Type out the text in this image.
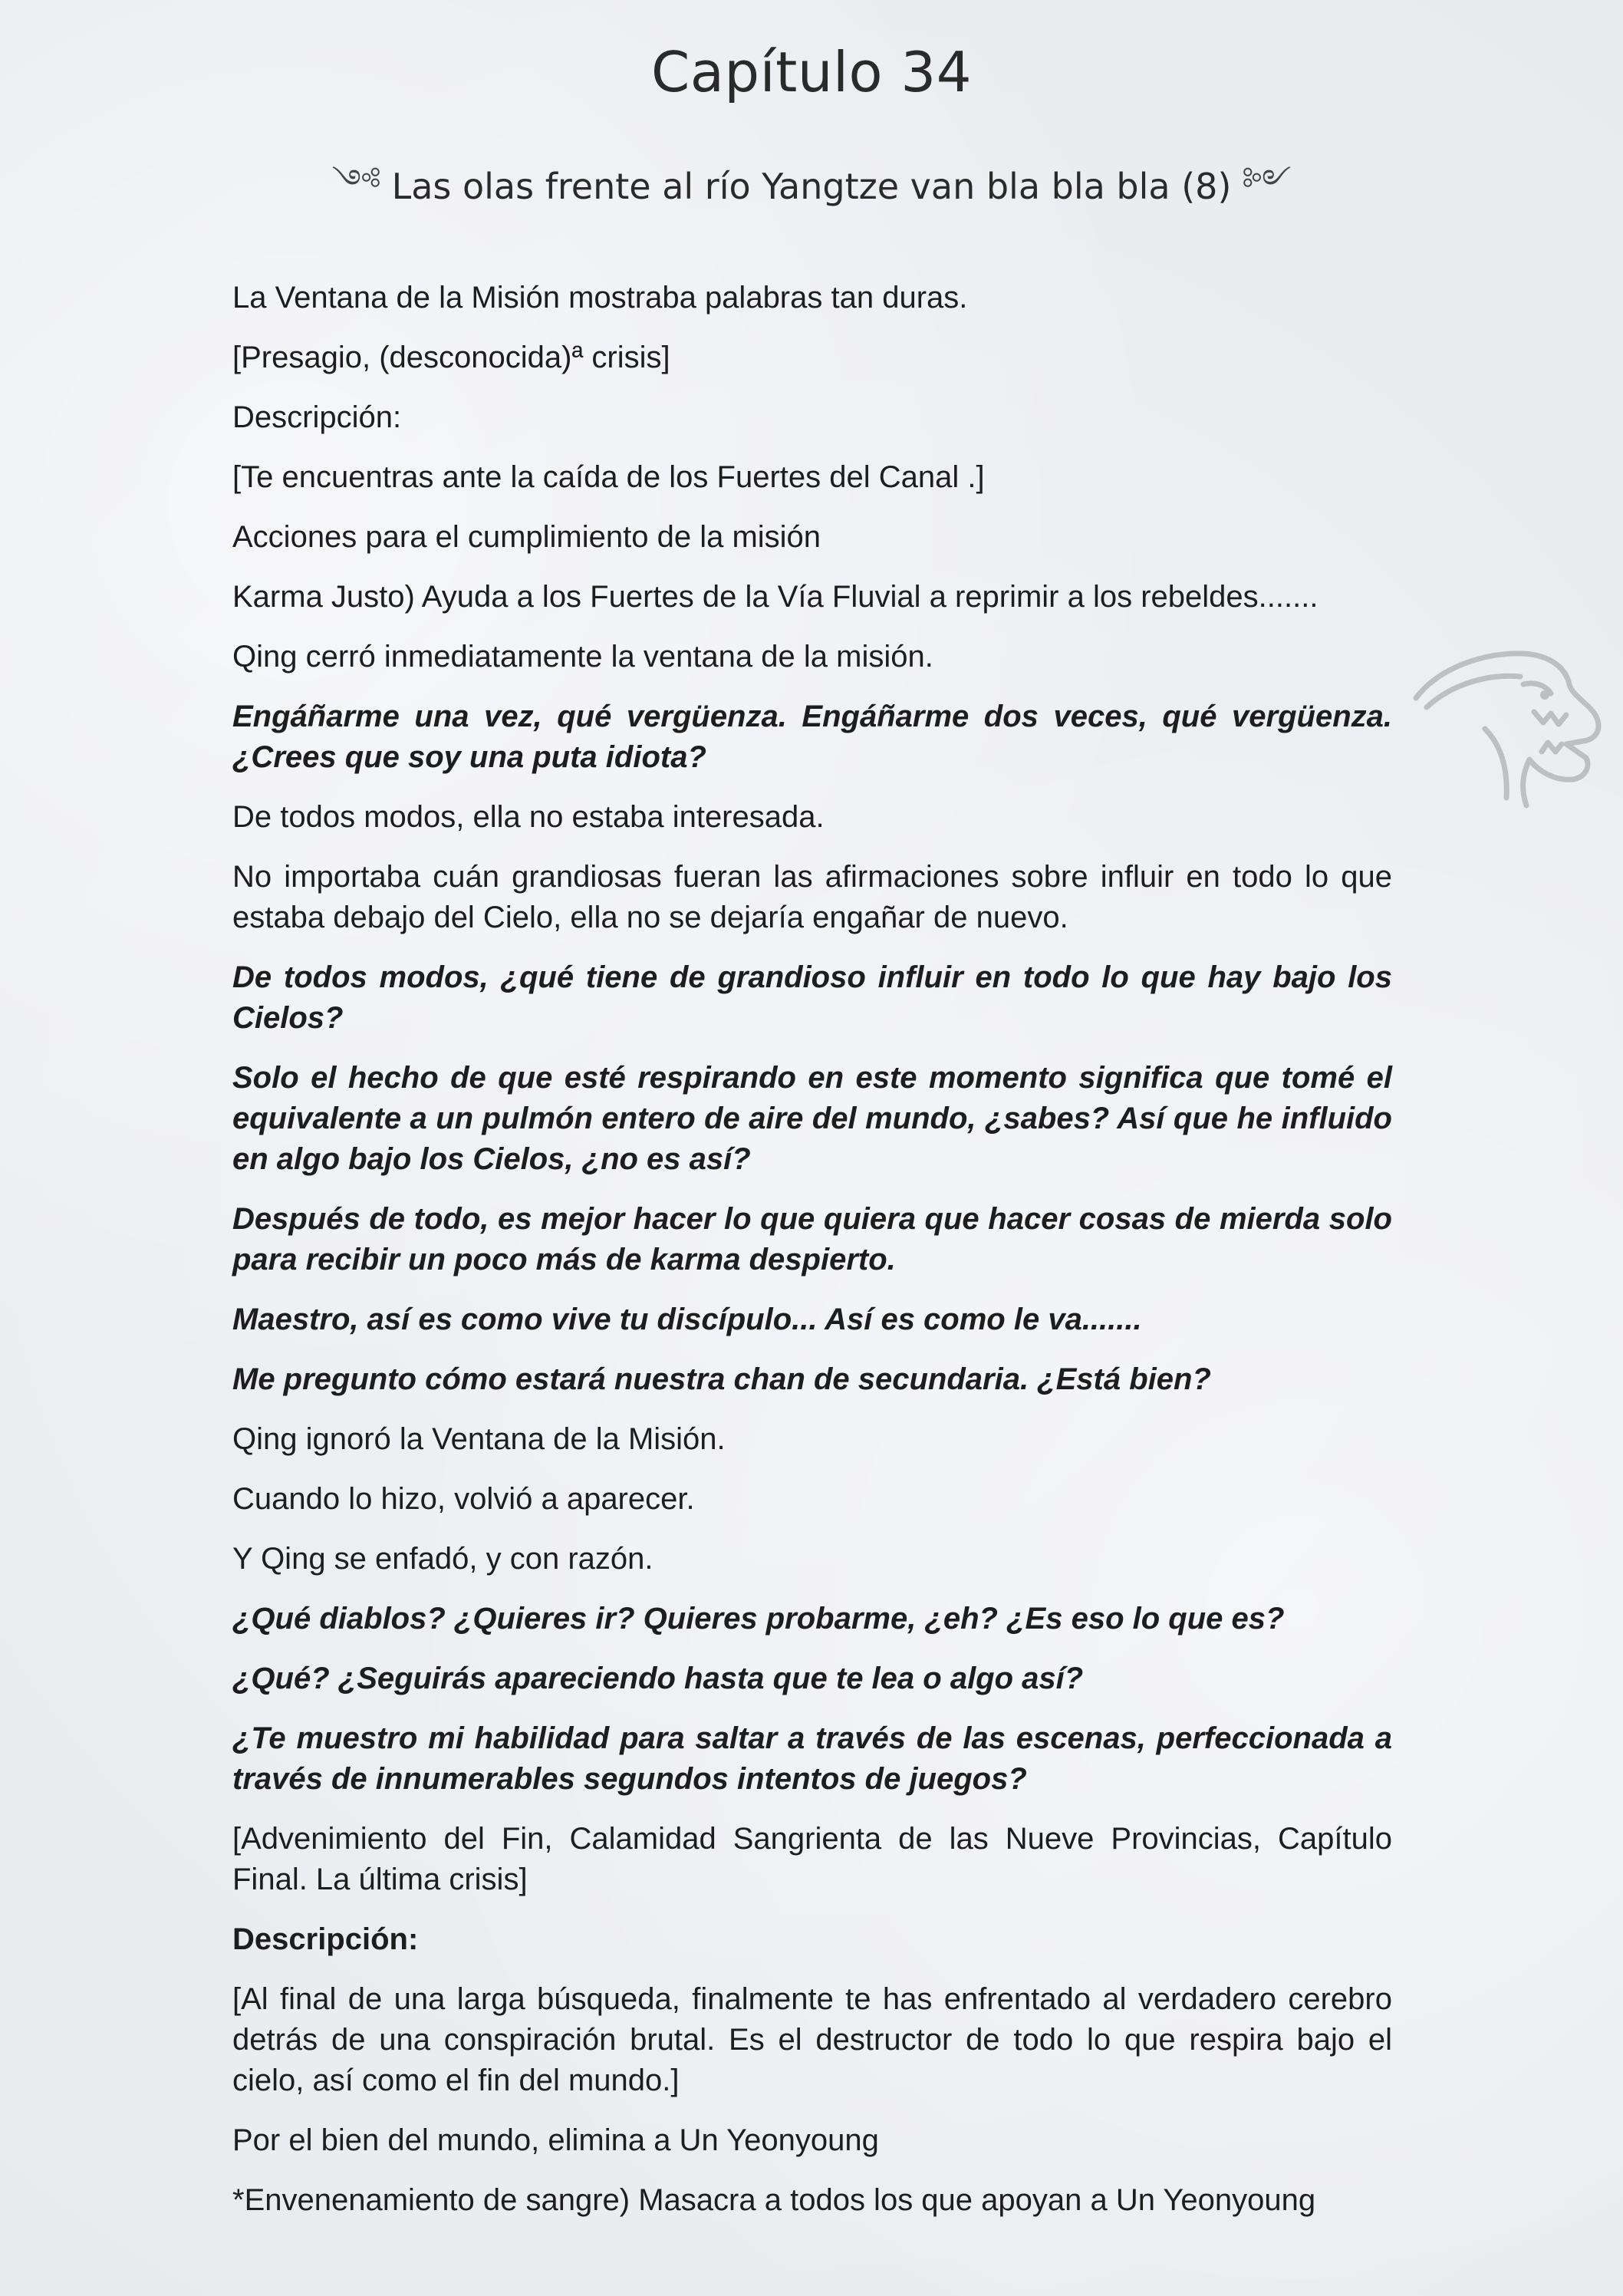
Capítulo 34
༺ Las olas frente al río Yangtze van bla bla bla (8) ༻

La Ventana de la Misión mostraba palabras tan duras.

[Presagio, (desconocida)ª crisis]

Descripción:

[Te encuentras ante la caída de los Fuertes del Canal .]

Acciones para el cumplimiento de la misión

Karma Justo) Ayuda a los Fuertes de la Vía Fluvial a reprimir a los rebeldes.......

Qing cerró inmediatamente la ventana de la misión.

Engáñarme una vez, qué vergüenza. Engáñarme dos veces, qué vergüenza. ¿Crees que soy una puta idiota?

De todos modos, ella no estaba interesada.

No importaba cuán grandiosas fueran las afirmaciones sobre influir en todo lo que estaba debajo del Cielo, ella no se dejaría engañar de nuevo.

De todos modos, ¿qué tiene de grandioso influir en todo lo que hay bajo los Cielos?

Solo el hecho de que esté respirando en este momento significa que tomé el equivalente a un pulmón entero de aire del mundo, ¿sabes? Así que he influido en algo bajo los Cielos, ¿no es así?

Después de todo, es mejor hacer lo que quiera que hacer cosas de mierda solo para recibir un poco más de karma despierto.

Maestro, así es como vive tu discípulo... Así es como le va.......

Me pregunto cómo estará nuestra chan de secundaria. ¿Está bien?

Qing ignoró la Ventana de la Misión.

Cuando lo hizo, volvió a aparecer.

Y Qing se enfadó, y con razón.

¿Qué diablos? ¿Quieres ir? Quieres probarme, ¿eh? ¿Es eso lo que es?

¿Qué? ¿Seguirás apareciendo hasta que te lea o algo así?

¿Te muestro mi habilidad para saltar a través de las escenas, perfeccionada a través de innumerables segundos intentos de juegos?

[Advenimiento del Fin, Calamidad Sangrienta de las Nueve Provincias, Capítulo Final. La última crisis]

Descripción:

[Al final de una larga búsqueda, finalmente te has enfrentado al verdadero cerebro detrás de una conspiración brutal. Es el destructor de todo lo que respira bajo el cielo, así como el fin del mundo.]

Por el bien del mundo, elimina a Un Yeonyoung

*Envenenamiento de sangre) Masacra a todos los que apoyan a Un Yeonyoung
